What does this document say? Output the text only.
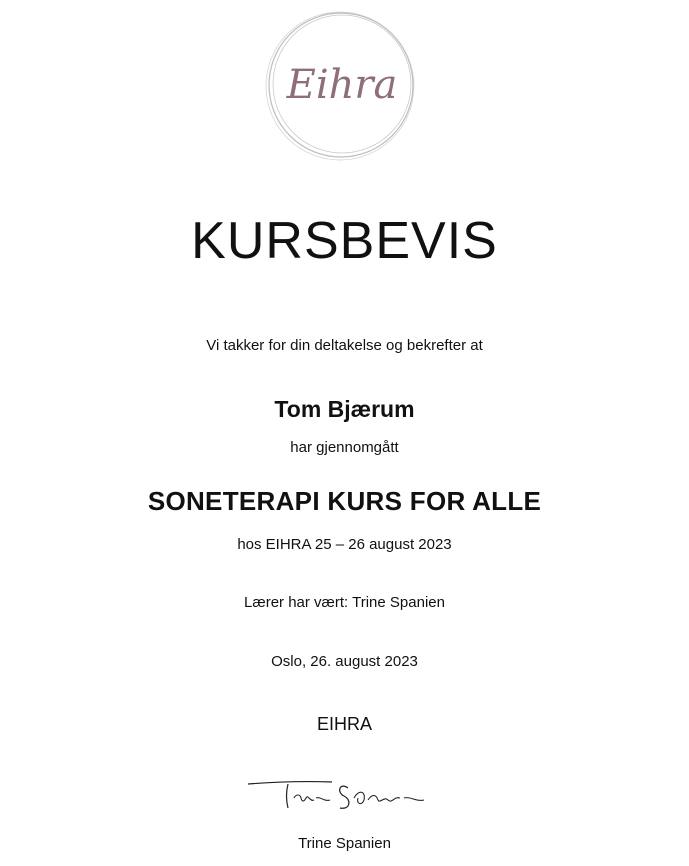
Eihra
KURSBEVIS
Vi takker for din deltakelse og bekrefter at
Tom Bjærum
har gjennomgått
SONETERAPI KURS FOR ALLE
hos EIHRA 25 – 26 august 2023
Lærer har vært: Trine Spanien
Oslo, 26. august 2023
EIHRA
Trine Spanien
Trine Spanien
